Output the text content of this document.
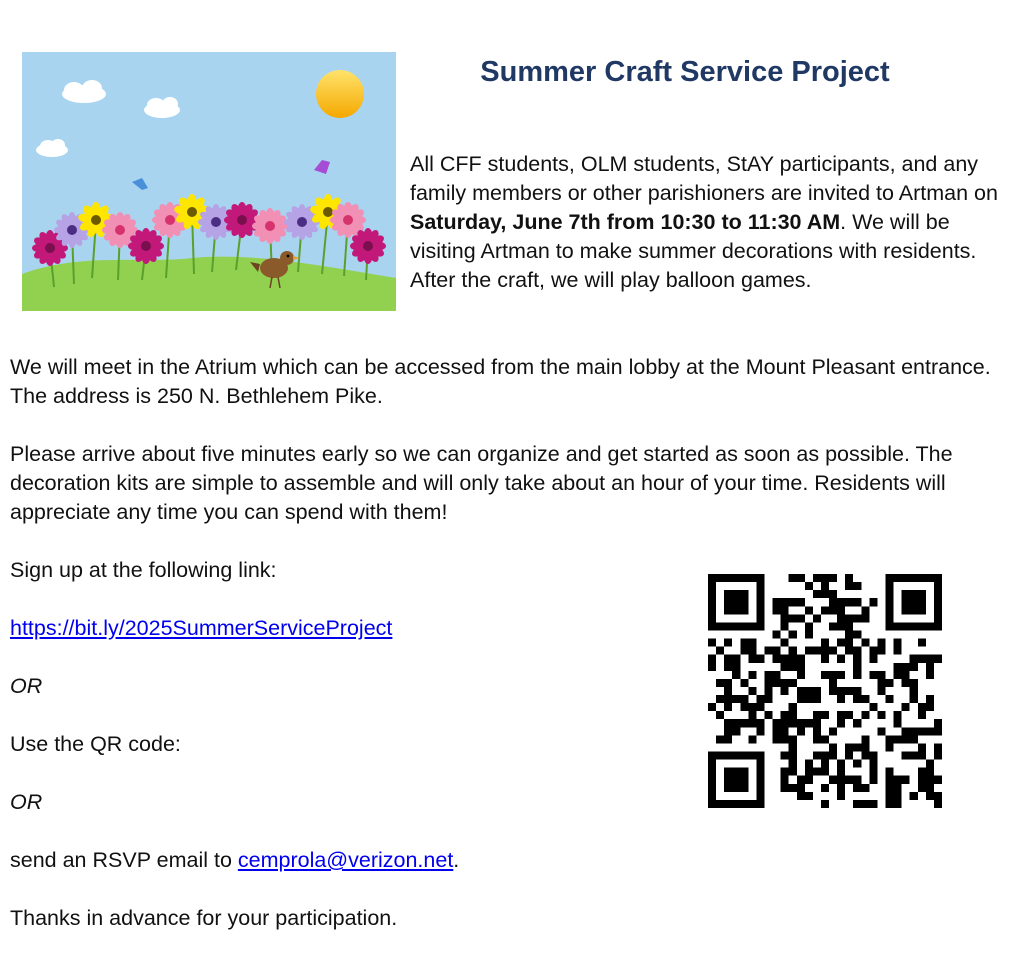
Summer Craft Service Project

All CFF students, OLM students, StAY participants, and any family members or other parishioners are invited to Artman on Saturday, June 7th from 10:30 to 11:30 AM. We will be visiting Artman to make summer decorations with residents. After the craft, we will play balloon games.

We will meet in the Atrium which can be accessed from the main lobby at the Mount Pleasant entrance. The address is 250 N. Bethlehem Pike.

Please arrive about five minutes early so we can organize and get started as soon as possible. The decoration kits are simple to assemble and will only take about an hour of your time. Residents will appreciate any time you can spend with them!

Sign up at the following link:

https://bit.ly/2025SummerServiceProject

OR

Use the QR code:

OR

send an RSVP email to cemprola@verizon.net.

Thanks in advance for your participation.
